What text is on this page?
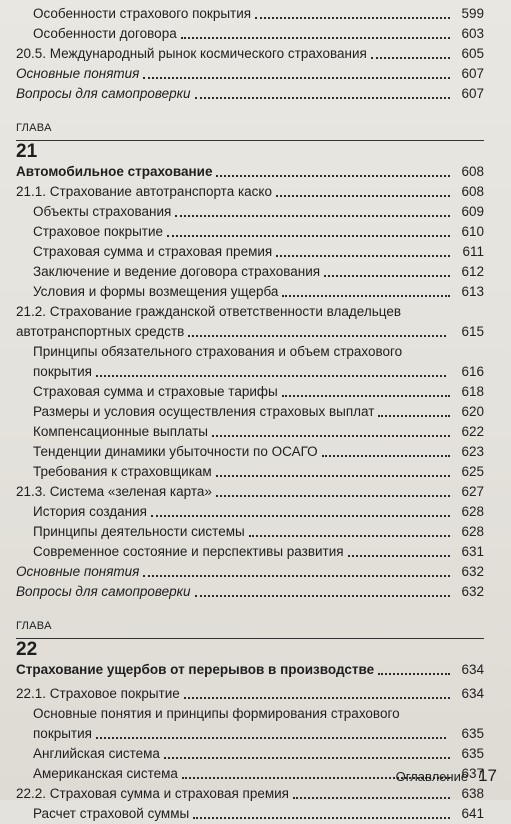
Особенности страхового покрытия	599
Особенности договора	603
20.5. Международный рынок космического страхования	605
Основные понятия	607
Вопросы для самопроверки	607
ГЛАВА
21
Автомобильное страхование	608
21.1. Страхование автотранспорта каско	608
Объекты страхования	609
Страховое покрытие	610
Страховая сумма и страховая премия	611
Заключение и ведение договора страхования	612
Условия и формы возмещения ущерба	613
21.2. Страхование гражданской ответственности владельцев
автотранспортных средств	615
Принципы обязательного страхования и объем страхового
покрытия	616
Страховая сумма и страховые тарифы	618
Размеры и условия осуществления страховых выплат	620
Компенсационные выплаты	622
Тенденции динамики убыточности по ОСАГО	623
Требования к страховщикам	625
21.3. Система «зеленая карта»	627
История создания	628
Принципы деятельности системы	628
Современное состояние и перспективы развития	631
Основные понятия	632
Вопросы для самопроверки	632
ГЛАВА
22
Страхование ущербов от перерывов в производстве	634
22.1. Страховое покрытие	634
Основные понятия и принципы формирования страхового
покрытия	635
Английская система	635
Американская система	637
22.2. Страховая сумма и страховая премия	638
Расчет страховой суммы	641
Оглавление 17
